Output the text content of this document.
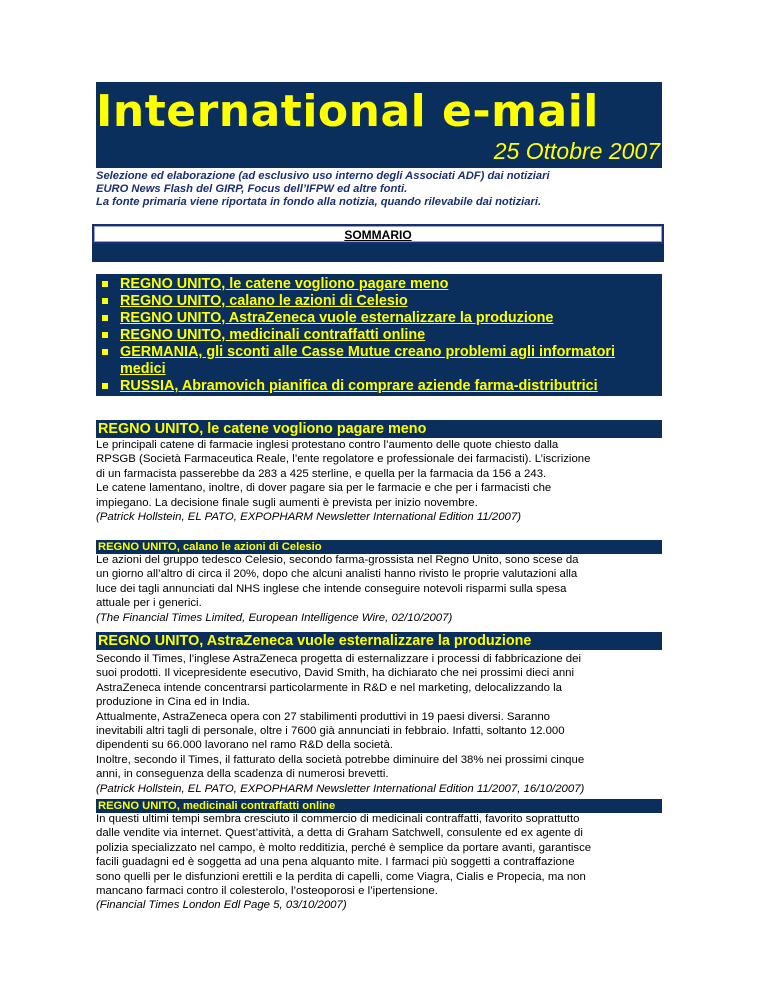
International e-mail
25 Ottobre 2007
Selezione ed elaborazione (ad esclusivo uso interno degli Associati ADF) dai notiziari
EURO News Flash del GIRP, Focus dell’IFPW ed altre fonti.
La fonte primaria viene riportata in fondo alla notizia, quando rilevabile dai notiziari.
SOMMARIO
REGNO UNITO, le catene vogliono pagare meno
REGNO UNITO, calano le azioni di Celesio
REGNO UNITO, AstraZeneca vuole esternalizzare la produzione
REGNO UNITO, medicinali contraffatti online
GERMANIA, gli sconti alle Casse Mutue creano problemi agli informatori
medici
RUSSIA, Abramovich pianifica di comprare aziende farma-distributrici
REGNO UNITO, le catene vogliono pagare meno

Le principali catene di farmacie inglesi protestano contro l’aumento delle quote chiesto dalla

RPSGB (Società Farmaceutica Reale, l’ente regolatore e professionale dei farmacisti). L’iscrizione

di un farmacista passerebbe da 283 a 425 sterline, e quella per la farmacia da 156 a 243.

Le catene lamentano, inoltre, di dover pagare sia per le farmacie e che per i farmacisti che

impiegano. La decisione finale sugli aumenti è prevista per inizio novembre.

(Patrick Hollstein, EL PATO, EXPOPHARM Newsletter International Edition 11/2007)

REGNO UNITO, calano le azioni di Celesio

Le azioni del gruppo tedesco Celesio, secondo farma-grossista nel Regno Unito, sono scese da

un giorno all’altro di circa il 20%, dopo che alcuni analisti hanno rivisto le proprie valutazioni alla

luce dei tagli annunciati dal NHS inglese che intende conseguire notevoli risparmi sulla spesa

attuale per i generici.

(The Financial Times Limited, European Intelligence Wire, 02/10/2007)

REGNO UNITO, AstraZeneca vuole esternalizzare la produzione

Secondo il Times, l’inglese AstraZeneca progetta di esternalizzare i processi di fabbricazione dei

suoi prodotti. Il vicepresidente esecutivo, David Smith, ha dichiarato che nei prossimi dieci anni

AstraZeneca intende concentrarsi particolarmente in R&D e nel marketing, delocalizzando la

produzione in Cina ed in India.

Attualmente, AstraZeneca opera con 27 stabilimenti produttivi in 19 paesi diversi. Saranno

inevitabili altri tagli di personale, oltre i 7600 già annunciati in febbraio. Infatti, soltanto 12.000

dipendenti su 66.000 lavorano nel ramo R&D della società.

Inoltre, secondo il Times, il fatturato della società potrebbe diminuire del 38% nei prossimi cinque

anni, in conseguenza della scadenza di numerosi brevetti.

(Patrick Hollstein, EL PATO, EXPOPHARM Newsletter International Edition 11/2007, 16/10/2007)

REGNO UNITO, medicinali contraffatti online

In questi ultimi tempi sembra cresciuto il commercio di medicinali contraffatti, favorito soprattutto

dalle vendite via internet. Quest’attività, a detta di Graham Satchwell, consulente ed ex agente di

polizia specializzato nel campo, è molto redditizia, perché è semplice da portare avanti, garantisce

facili guadagni ed è soggetta ad una pena alquanto mite. I farmaci più soggetti a contraffazione

sono quelli per le disfunzioni erettili e la perdita di capelli, come Viagra, Cialis e Propecia, ma non

mancano farmaci contro il colesterolo, l’osteoporosi e l’ipertensione.

(Financial Times London Edl Page 5, 03/10/2007)
